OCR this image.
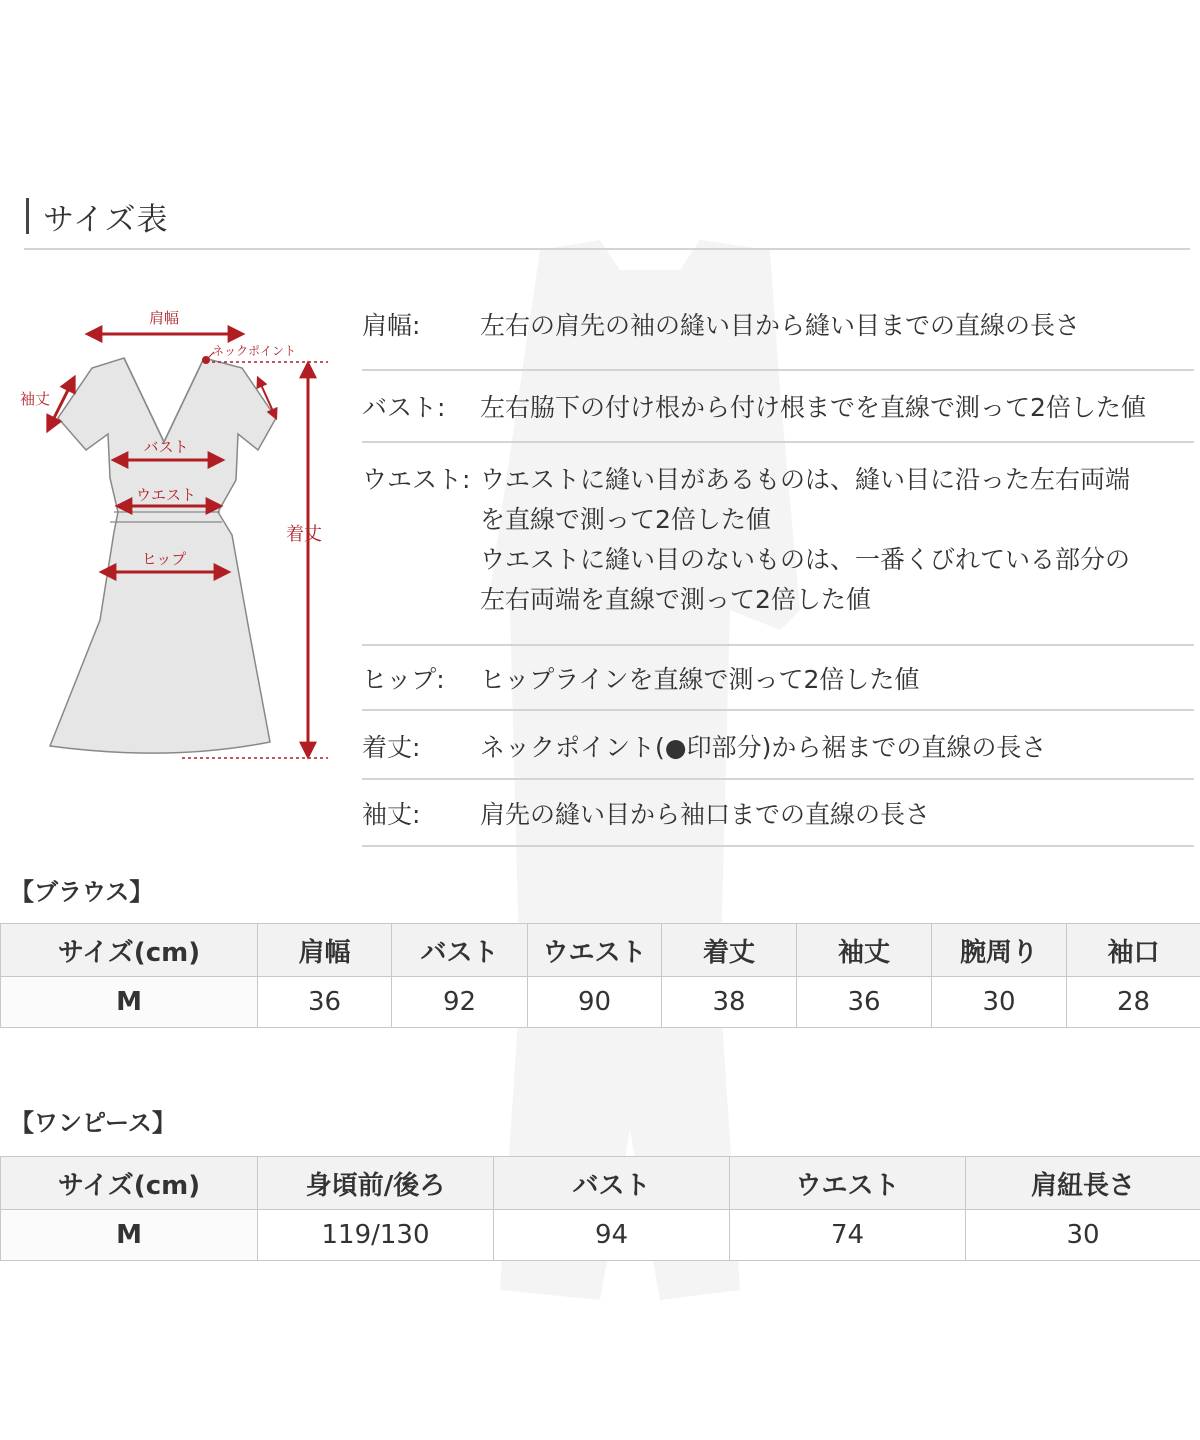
サイズ表
肩幅
ネックポイント
袖丈
バスト
ウエスト
ヒップ
着丈
肩幅:	左右の肩先の袖の縫い目から縫い目までの直線の長さ
バスト:	左右脇下の付け根から付け根までを直線で測って2倍した値
ウエスト: ウエストに縫い目があるものは、縫い目に沿った左右両端
を直線で測って2倍した値
ウエストに縫い目のないものは、一番くびれている部分の
左右両端を直線で測って2倍した値
ヒップ:	ヒップラインを直線で測って2倍した値
着丈:	ネックポイント(●印部分)から裾までの直線の長さ
袖丈:	肩先の縫い目から袖口までの直線の長さ
【ブラウス】
サイズ(cm)	肩幅	バスト	ウエスト	着丈	袖丈	腕周り	袖口
M	36	92	90	38	36	30	28
【ワンピース】
サイズ(cm)	身頃前/後ろ	バスト	ウエスト	肩紐長さ
M	119/130	94	74	30
